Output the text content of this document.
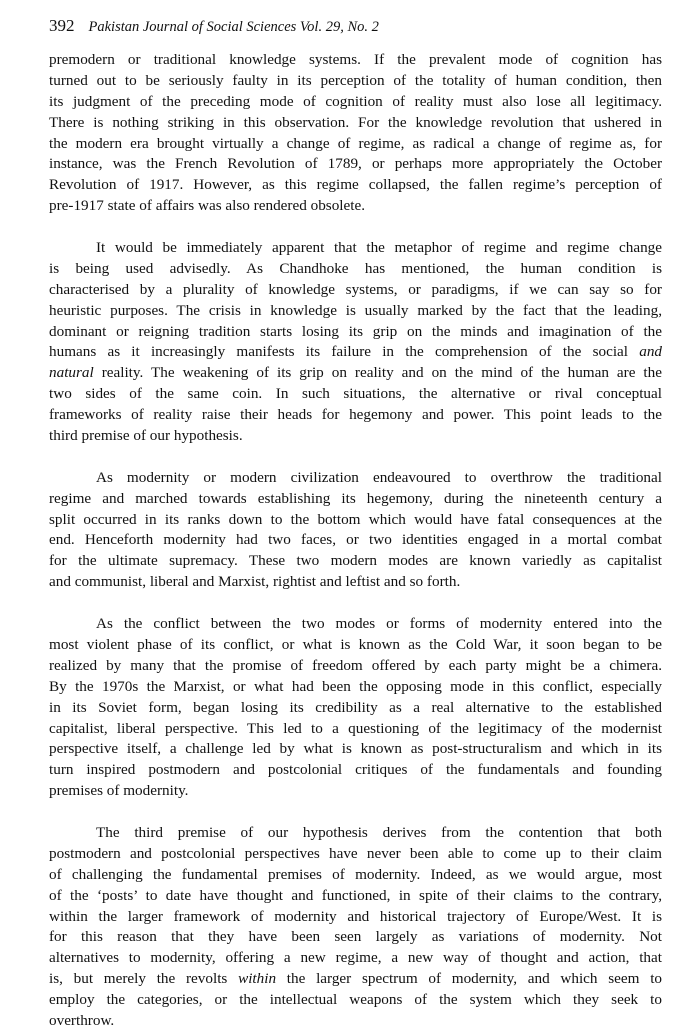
392 Pakistan Journal of Social Sciences Vol. 29, No. 2
premodern or traditional knowledge systems. If the prevalent mode of cognition has
turned out to be seriously faulty in its perception of the totality of human condition, then
its judgment of the preceding mode of cognition of reality must also lose all legitimacy.
There is nothing striking in this observation. For the knowledge revolution that ushered in
the modern era brought virtually a change of regime, as radical a change of regime as, for
instance, was the French Revolution of 1789, or perhaps more appropriately the October
Revolution of 1917. However, as this regime collapsed, the fallen regime’s perception of
pre-1917 state of affairs was also rendered obsolete.
It would be immediately apparent that the metaphor of regime and regime change
is being used advisedly. As Chandhoke has mentioned, the human condition is
characterised by a plurality of knowledge systems, or paradigms, if we can say so for
heuristic purposes. The crisis in knowledge is usually marked by the fact that the leading,
dominant or reigning tradition starts losing its grip on the minds and imagination of the
humans as it increasingly manifests its failure in the comprehension of the social and
natural reality. The weakening of its grip on reality and on the mind of the human are the
two sides of the same coin. In such situations, the alternative or rival conceptual
frameworks of reality raise their heads for hegemony and power. This point leads to the
third premise of our hypothesis.
As modernity or modern civilization endeavoured to overthrow the traditional
regime and marched towards establishing its hegemony, during the nineteenth century a
split occurred in its ranks down to the bottom which would have fatal consequences at the
end. Henceforth modernity had two faces, or two identities engaged in a mortal combat
for the ultimate supremacy. These two modern modes are known variedly as capitalist
and communist, liberal and Marxist, rightist and leftist and so forth.
As the conflict between the two modes or forms of modernity entered into the
most violent phase of its conflict, or what is known as the Cold War, it soon began to be
realized by many that the promise of freedom offered by each party might be a chimera.
By the 1970s the Marxist, or what had been the opposing mode in this conflict, especially
in its Soviet form, began losing its credibility as a real alternative to the established
capitalist, liberal perspective. This led to a questioning of the legitimacy of the modernist
perspective itself, a challenge led by what is known as post-structuralism and which in its
turn inspired postmodern and postcolonial critiques of the fundamentals and founding
premises of modernity.
The third premise of our hypothesis derives from the contention that both
postmodern and postcolonial perspectives have never been able to come up to their claim
of challenging the fundamental premises of modernity. Indeed, as we would argue, most
of the ‘posts’ to date have thought and functioned, in spite of their claims to the contrary,
within the larger framework of modernity and historical trajectory of Europe/West. It is
for this reason that they have been seen largely as variations of modernity. Not
alternatives to modernity, offering a new regime, a new way of thought and action, that
is, but merely the revolts within the larger spectrum of modernity, and which seem to
employ the categories, or the intellectual weapons of the system which they seek to
overthrow.
